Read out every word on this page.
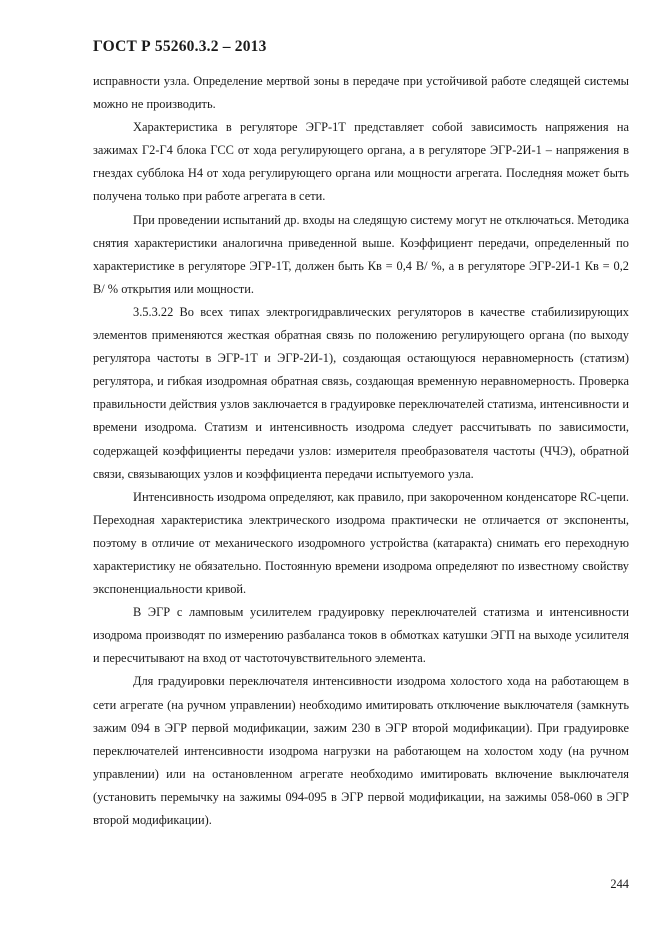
ГОСТ Р 55260.3.2 – 2013

исправности узла. Определение мертвой зоны в передаче при устойчивой работе следящей системы можно не производить.

Характеристика в регуляторе ЭГР-1Т представляет собой зависимость напряжения на зажимах Г2-Г4 блока ГСС от хода регулирующего органа, а в регуляторе ЭГР-2И-1 – напряжения в гнездах субблока Н4 от хода регулирующего органа или мощности агрегата. Последняя может быть получена только при работе агрегата в сети.

При проведении испытаний др. входы на следящую систему могут не отключаться. Методика снятия характеристики аналогична приведенной выше. Коэффициент передачи, определенный по характеристике в регуляторе ЭГР-1Т, должен быть Кв = 0,4 В/ %, а в регуляторе ЭГР-2И-1 Кв = 0,2 В/ % открытия или мощности.

3.5.3.22 Во всех типах электрогидравлических регуляторов в качестве стабилизирующих элементов применяются жесткая обратная связь по положению регулирующего органа (по выходу регулятора частоты в ЭГР-1Т и ЭГР-2И-1), создающая остающуюся неравномерность (статизм) регулятора, и гибкая изодромная обратная связь, создающая временную неравномерность. Проверка правильности действия узлов заключается в градуировке переключателей статизма, интенсивности и времени изодрома. Статизм и интенсивность изодрома следует рассчитывать по зависимости, содержащей коэффициенты передачи узлов: измерителя преобразователя частоты (ЧЧЭ), обратной связи, связывающих узлов и коэффициента передачи испытуемого узла.

Интенсивность изодрома определяют, как правило, при закороченном конденсаторе RC-цепи. Переходная характеристика электрического изодрома практически не отличается от экспоненты, поэтому в отличие от механического изодромного устройства (катаракта) снимать его переходную характеристику не обязательно. Постоянную времени изодрома определяют по известному свойству экспоненциальности кривой.

В ЭГР с ламповым усилителем градуировку переключателей статизма и интенсивности изодрома производят по измерению разбаланса токов в обмотках катушки ЭГП на выходе усилителя и пересчитывают на вход от частоточувствительного элемента.

Для градуировки переключателя интенсивности изодрома холостого хода на работающем в сети агрегате (на ручном управлении) необходимо имитировать отключение выключателя (замкнуть зажим 094 в ЭГР первой модификации, зажим 230 в ЭГР второй модификации). При градуировке переключателей интенсивности изодрома нагрузки на работающем на холостом ходу (на ручном управлении) или на остановленном агрегате необходимо имитировать включение выключателя (установить перемычку на зажимы 094-095 в ЭГР первой модификации, на зажимы 058-060 в ЭГР второй модификации).

244
